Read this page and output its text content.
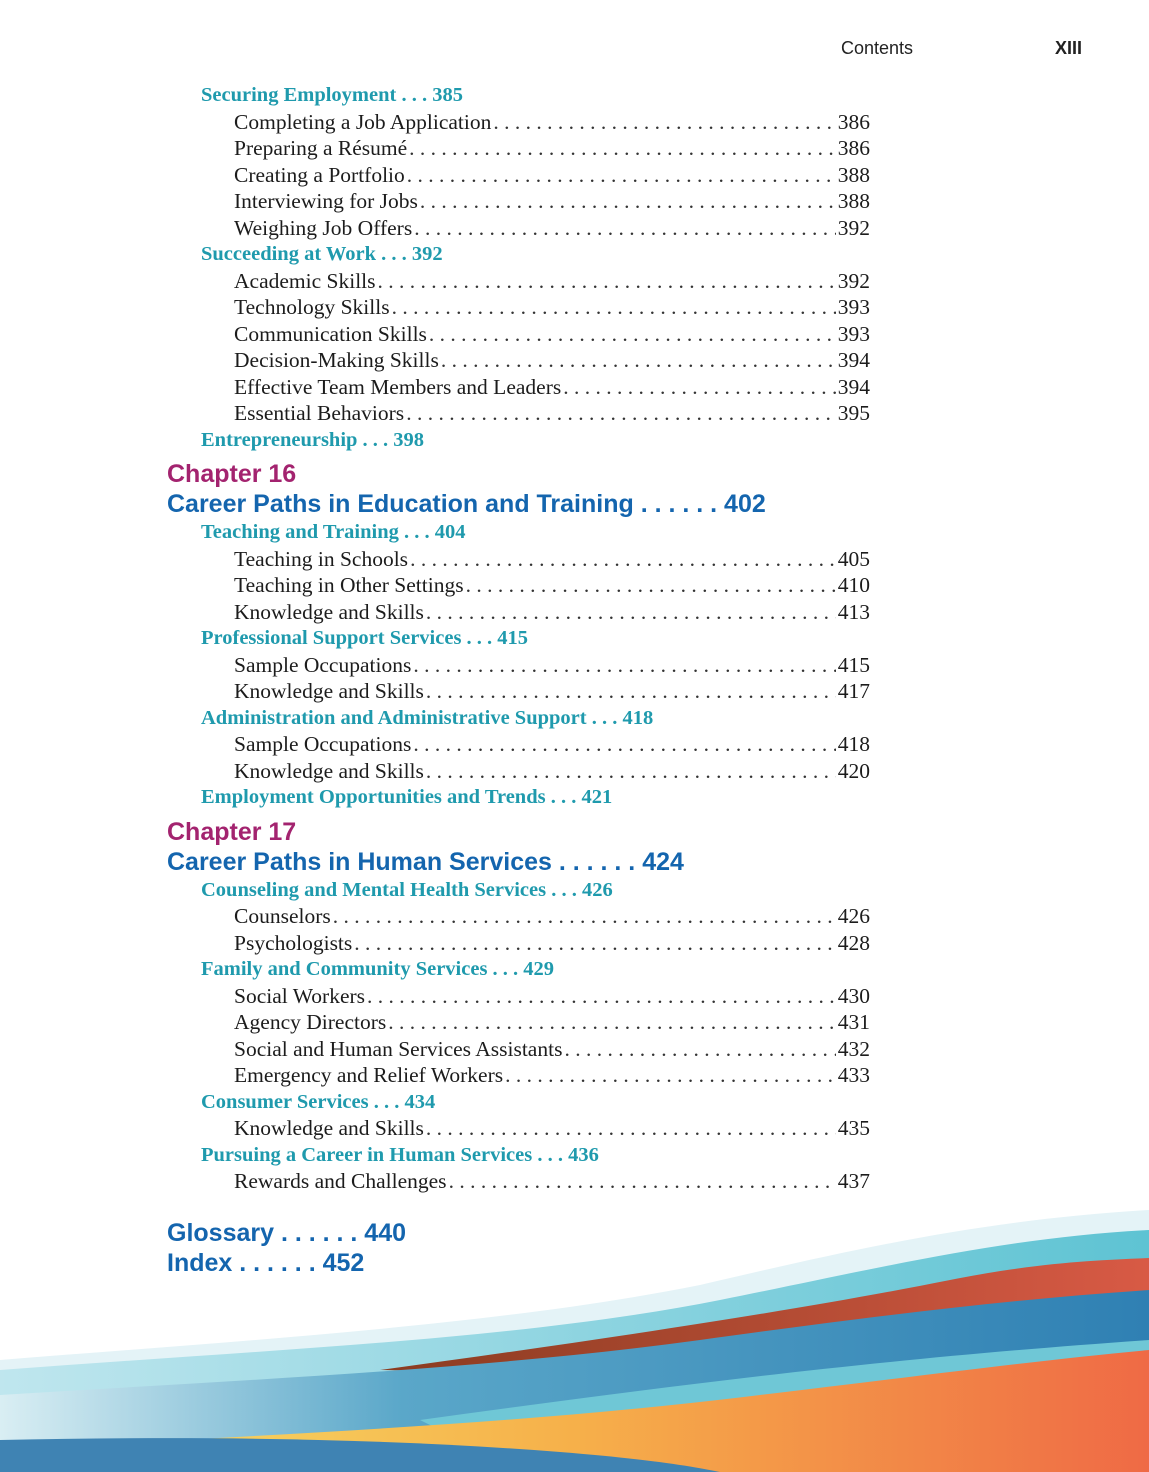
Contents	XIII
Securing Employment . . . 385
Completing a Job Application . . .	386
Preparing a Résumé . . .	386
Creating a Portfolio . . .	388
Interviewing for Jobs . . .	388
Weighing Job Offers . . .	392
Succeeding at Work . . . 392
Academic Skills . . .	392
Technology Skills . . .	393
Communication Skills . . .	393
Decision-Making Skills . . .	394
Effective Team Members and Leaders . . .	394
Essential Behaviors . . .	395
Entrepreneurship . . . 398
Chapter 16
Career Paths in Education and Training . . . . . . 402
Teaching and Training . . . 404
Teaching in Schools . . .	405
Teaching in Other Settings . . .	410
Knowledge and Skills . . .	413
Professional Support Services . . . 415
Sample Occupations . . .	415
Knowledge and Skills . . .	417
Administration and Administrative Support . . . 418
Sample Occupations . . .	418
Knowledge and Skills . . .	420
Employment Opportunities and Trends . . . 421
Chapter 17
Career Paths in Human Services . . . . . . 424
Counseling and Mental Health Services . . . 426
Counselors . . .	426
Psychologists . . .	428
Family and Community Services . . . 429
Social Workers . . .	430
Agency Directors . . .	431
Social and Human Services Assistants . . .	432
Emergency and Relief Workers . . .	433
Consumer Services . . . 434
Knowledge and Skills . . .	435
Pursuing a Career in Human Services . . . 436
Rewards and Challenges . . .	437
Glossary . . . . . . 440
Index . . . . . . 452
